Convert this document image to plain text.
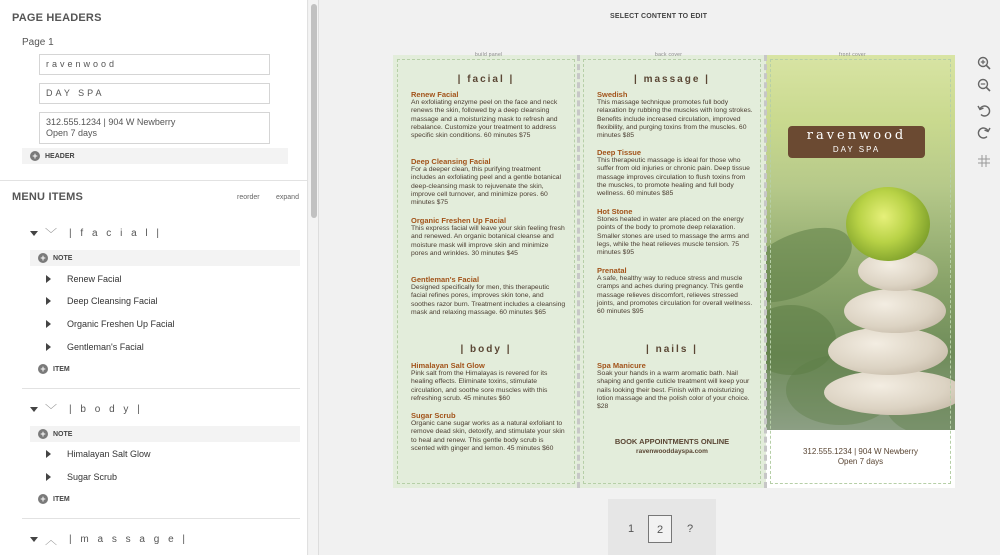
PAGE HEADERS
Page 1
ravenwood
DAY SPA
312.555.1234 | 904 W Newberry
Open 7 days
+	HEADER
MENU ITEMS	reorder expand
﹀ | f a c i a l |
+	NOTE
Renew Facial
Deep Cleansing Facial
Organic Freshen Up Facial
Gentleman's Facial
+	ITEM
﹀ | b o d y |
+	NOTE
Himalayan Salt Glow
Sugar Scrub
+	ITEM
︿ | m a s s a g e |
SELECT CONTENT TO EDIT
build panel
| facial |
Renew Facial
An exfoliating enzyme peel on the face and neck renews the skin, followed by a deep cleansing massage and a moisturizing mask to refresh and rebalance. Customize your treatment to address specific skin conditions. 60 minutes $75
Deep Cleansing Facial
For a deeper clean, this purifying treatment includes an exfoliating peel and a gentle botanical deep-cleansing mask to rejuvenate the skin, improve cell turnover, and minimize pores. 60 minutes $75
Organic Freshen Up Facial
This express facial will leave your skin feeling fresh and renewed. An organic botanical cleanse and moisture mask will improve skin and minimize pores and wrinkles. 30 minutes $45
Gentleman's Facial
Designed specifically for men, this therapeutic facial refines pores, improves skin tone, and soothes razor burn. Treatment includes a cleansing mask and relaxing massage. 60 minutes $65
| body |
Himalayan Salt Glow
Pink salt from the Himalayas is revered for its healing effects. Eliminate toxins, stimulate circulation, and soothe sore muscles with this refreshing scrub. 45 minutes $60
Sugar Scrub
Organic cane sugar works as a natural exfoliant to remove dead skin, detoxify, and stimulate your skin to heal and renew. This gentle body scrub is scented with ginger and lemon. 45 minutes $60
back cover
| massage |
Swedish
This massage technique promotes full body relaxation by rubbing the muscles with long strokes. Benefits include increased circulation, improved flexibility, and purging toxins from the muscles. 60 minutes $85
Deep Tissue
This therapeutic massage is ideal for those who suffer from old injuries or chronic pain. Deep tissue massage improves circulation to flush toxins from the muscles, to promote healing and full body wellness. 60 minutes $85
Hot Stone
Stones heated in water are placed on the energy points of the body to promote deep relaxation. Smaller stones are used to massage the arms and legs, while the heat relieves muscle tension. 75 minutes $95
Prenatal
A safe, healthy way to reduce stress and muscle cramps and aches during pregnancy. This gentle massage relieves discomfort, relieves stressed joints, and promotes circulation for overall wellness. 60 minutes $95
| nails |
Spa Manicure
Soak your hands in a warm aromatic bath. Nail shaping and gentle cuticle treatment will keep your nails looking their best. Finish with a moisturizing lotion massage and the polish color of your choice. $28
BOOK APPOINTMENTS ONLINE
ravenwooddayspa.com
front cover
ravenwood
DAY SPA
312.555.1234 | 904 W Newberry
Open 7 days
1	2	?
